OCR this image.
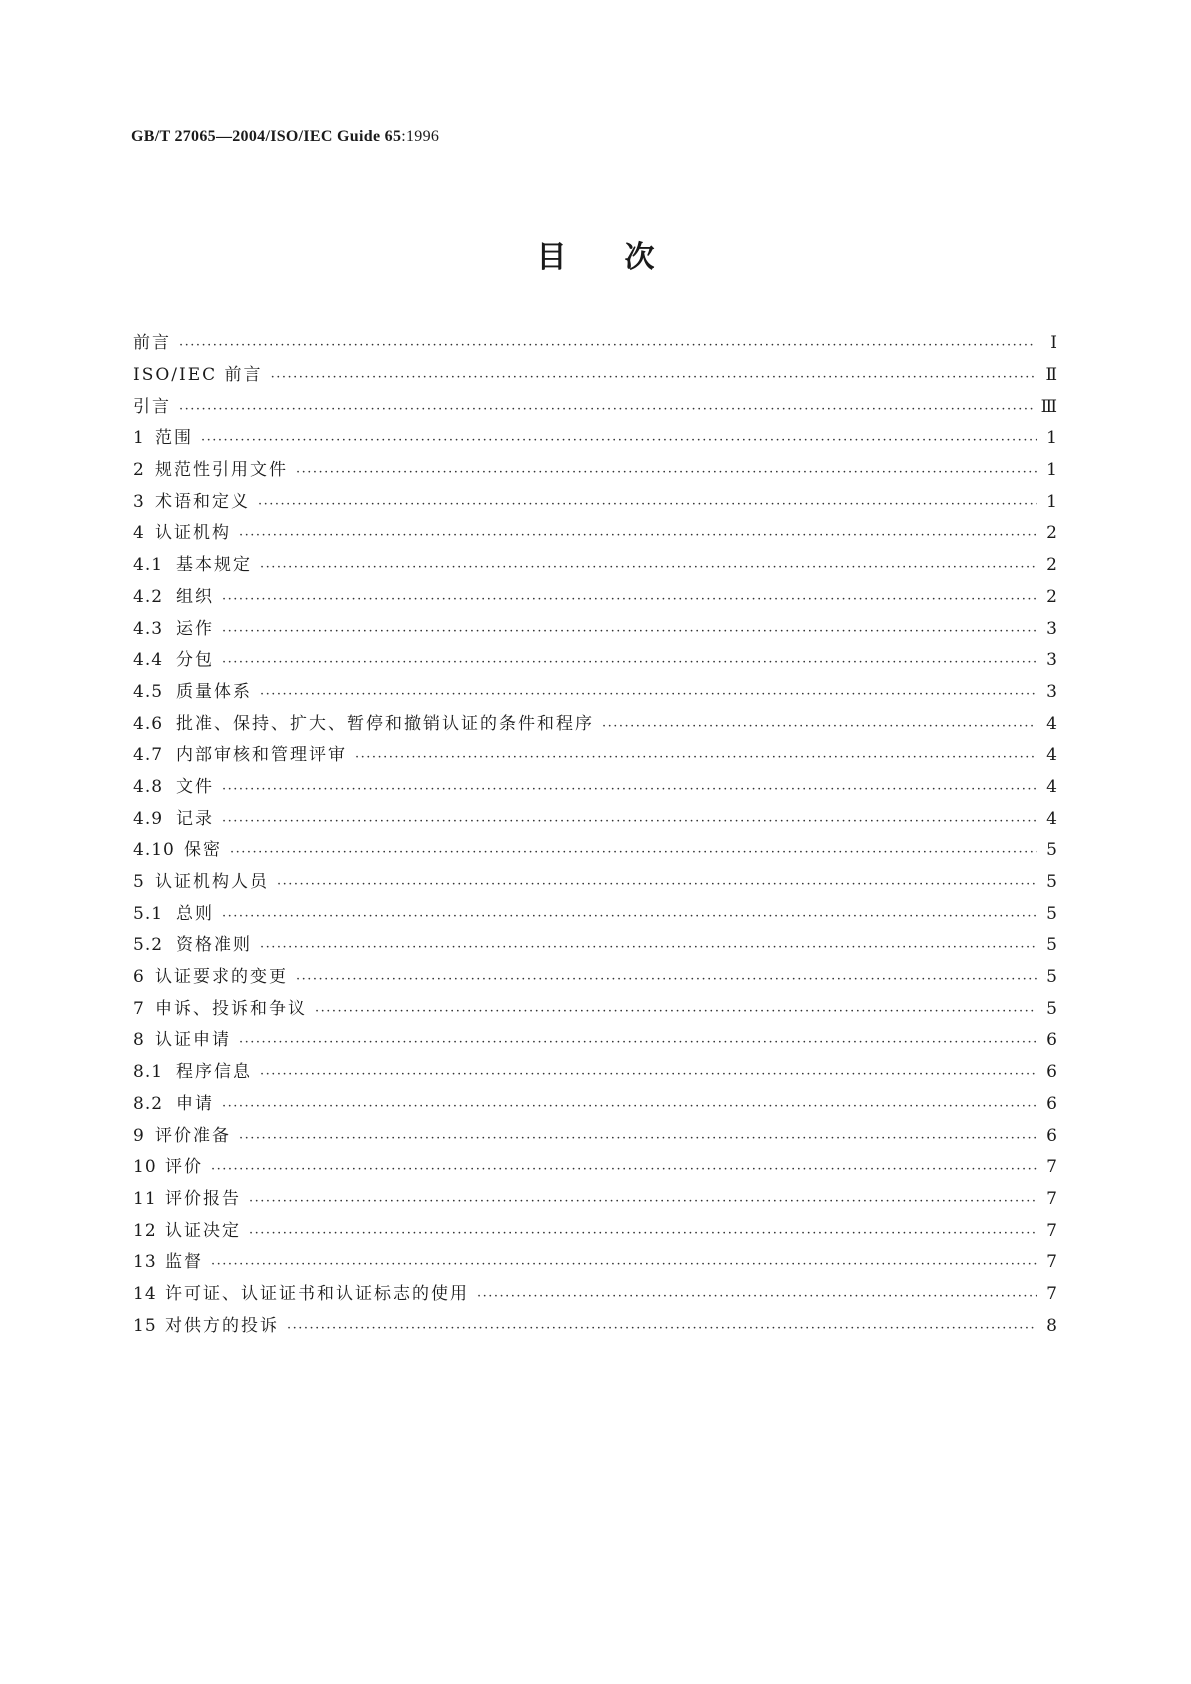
GB/T 27065—2004/ISO/IEC Guide 65:1996
目次
前言 ·····	Ⅰ
ISO/IEC 前言 ·····	Ⅱ
引言 ·····	Ⅲ
1 范围 ·····	1
2 规范性引用文件 ·····	1
3 术语和定义 ·····	1
4 认证机构 ·····	2
4.1 基本规定 ·····	2
4.2 组织 ·····	2
4.3 运作 ·····	3
4.4 分包 ·····	3
4.5 质量体系 ·····	3
4.6 批准、保持、扩大、暂停和撤销认证的条件和程序 ·····	4
4.7 内部审核和管理评审 ·····	4
4.8 文件 ·····	4
4.9 记录 ·····	4
4.10 保密 ·····	5
5 认证机构人员 ·····	5
5.1 总则 ·····	5
5.2 资格准则 ·····	5
6 认证要求的变更 ·····	5
7 申诉、投诉和争议 ·····	5
8 认证申请 ·····	6
8.1 程序信息 ·····	6
8.2 申请 ·····	6
9 评价准备 ·····	6
10 评价 ·····	7
11 评价报告 ·····	7
12 认证决定 ·····	7
13 监督 ·····	7
14 许可证、认证证书和认证标志的使用 ·····	7
15 对供方的投诉 ·····	8
